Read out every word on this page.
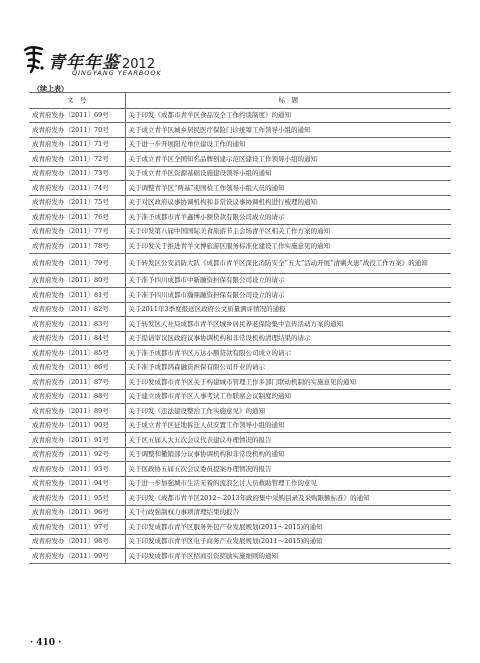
青年年鉴 2012
QINGYANG YEARBOOK
（续上表）
文　号	标　题
成青府发办〔2011〕69号	关于印发《成都市青羊区食品安全工作约谈制度》的通知
成青府发办〔2011〕70号	关于成立青羊区城乡居民医疗保险门诊统筹工作领导小组的通知
成青府发办〔2011〕71号	关于进一步开展阳光单位建设工作的通知
成青府发办〔2011〕72号	关于成立青羊区全国知名品牌创建示范区建设工作领导小组的通知
成青府发办〔2011〕73号	关于成立青羊区资源基础设施建设领导小组的通知
成青府发办〔2011〕74号	关于调整青羊区“两基”迎国检工作领导小组人员的通知
成青府发办〔2011〕75号	关于对区政府议事协调机构和非常设议事协调机构进行梳理的通知
成青府发办〔2011〕76号	关于准予成都市青羊鑫博小额贷款有限公司成立的请示
成青府发办〔2011〕77号	关于印发第八届中国国际美食旅游节主会场青羊区相关工作方案的通知
成青府发办〔2011〕78号	关于印发关于推进青羊文博旅游区服务标准化建设工作实施意见的通知
成青府发办〔2011〕79号	关于转发区公安消防大队《成都市青羊区深化消防安全“五大”活动开展“清剿火患”战役工作方案》的通知
成青府发办〔2011〕80号	关于准予四川成都市中新融资担保有限公司设立的请示
成青府发办〔2011〕81号	关于准予四川成都市瀚鼎融资担保有限公司设立的请示
成青府发办〔2011〕82号	关于2011年3季度报送区政府公文质量测评情况的通报
成青府发办〔2011〕83号	关于转发区人社局成都市青羊区城乡居民养老保险集中宣传活动方案的通知
成青府发办〔2011〕84号	关于提请审议区政府议事协调机构和非常设机构清理结果的请示
成青府发办〔2011〕85号	关于准予成都市青羊区万达小额贷款有限公司成立的请示
成青府发办〔2011〕86号	关于准予成都鸿森融资担保有限公司开业的请示
成青府发办〔2011〕87号	关于印发成都市青羊区关于构建城市管理工作多部门联动机制的实施意见的通知
成青府发办〔2011〕88号	关于建立成都市青羊区人事考试工作联席会议制度的通知
成青府发办〔2011〕89号	关于印发《违法建设整治工作实施意见》的通知
成青府发办〔2011〕90号	关于成立青羊区征地拆迁人员安置工作领导小组的通知
成青府发办〔2011〕91号	关于区五届人大五次会议代表建议办理情况的报告
成青府发办〔2011〕92号	关于调整和撤销部分议事协调机构和非常设机构的通知
成青府发办〔2011〕93号	关于区政协五届五次会议委员提案办理情况的报告
成青府发办〔2011〕94号	关于进一步加强城市生活无着的流浪乞讨人员救助管理工作的意见
成青府发办〔2011〕95号	关于印发《成都市青羊区2012～2013年政府集中采购目录及采购限额标准》的通知
成青府发办〔2011〕96号	关于行政强制权力事项清理结果的报告
成青府发办〔2011〕97号	关于印发成都市青羊区服务外包产业发展规划(2011～2015)的通知
成青府发办〔2011〕98号	关于印发成都市青羊区电子商务产业发展规划(2011～2015)的通知
成青府发办〔2011〕99号	关于印发成都市青羊区招商引资奖励实施细则的通知
· 410 ·
